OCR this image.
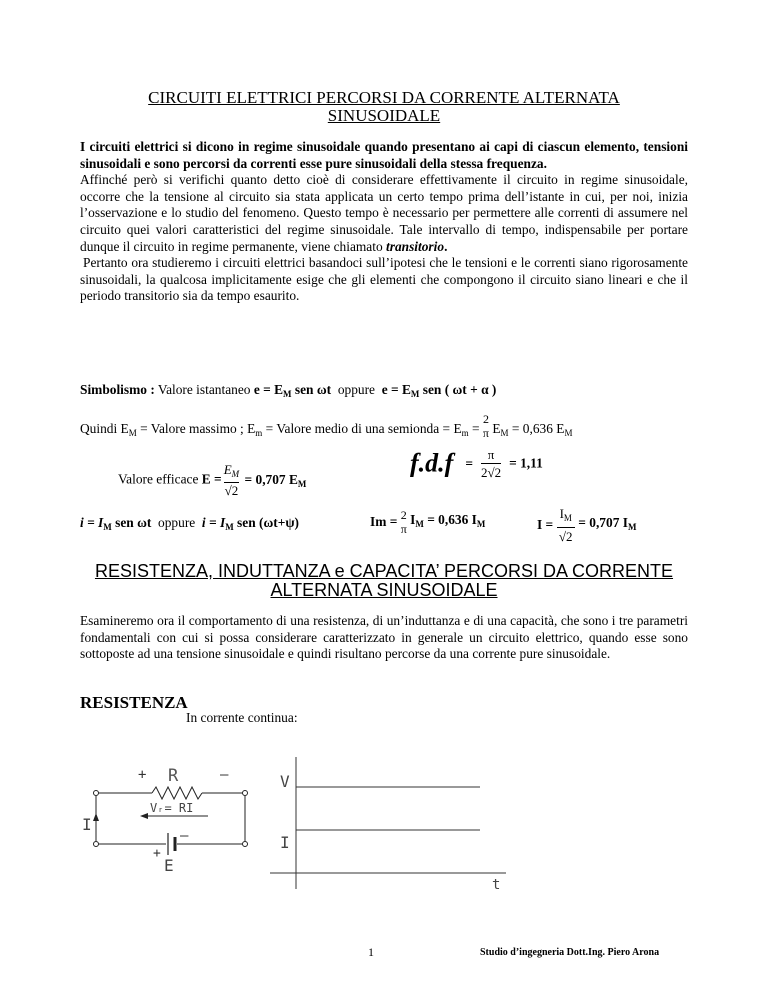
CIRCUITI ELETTRICI PERCORSI DA CORRENTE ALTERNATA
SINUSOIDALE

I circuiti elettrici si dicono in regime sinusoidale quando presentano ai capi di ciascun elemento, tensioni sinusoidali e sono percorsi da correnti esse pure sinusoidali della stessa frequenza.

Affinché però si verifichi quanto detto cioè di considerare effettivamente il circuito in regime sinusoidale, occorre che la tensione al circuito sia stata applicata un certo tempo prima dell’istante in cui, per noi, inizia l’osservazione e lo studio del fenomeno. Questo tempo è necessario per permettere alle correnti di assumere nel circuito quei valori caratteristici del regime sinusoidale. Tale intervallo di tempo, indispensabile per portare dunque il circuito in regime permanente, viene chiamato transitorio.

Pertanto ora studieremo i circuiti elettrici basandoci sull’ipotesi che le tensioni e le correnti siano rigorosamente sinusoidali, la qualcosa implicitamente esige che gli elementi che compongono il circuito siano lineari e che il periodo transitorio sia da tempo esaurito.

Simbolismo : Valore istantaneo $e = E_M$ sen ωt oppure $e = E_M$ sen ( ωt + α )
Quindi $E_M$ = Valore massimo ; $E_m$ = Valore medio di una semionda = $E_m$ =
2
π $E_M = 0,636$ $E_M$
Valore efficace $E = \frac{E_M}{√2} = 0,707$ $E_M$
$f.d.f = \frac{\pi}{2√2} = 1,11$
$i = I_M$ sen ωt oppure $i = I_M$ sen (ωt+ψ)	Im = 2
π
$I_M = 0,636$ $I_M$	$I = \frac{I_M}{√2} = 0,707$ $I_M$
RESISTENZA, INDUTTANZA e CAPACITA’ PERCORSI DA CORRENTE
ALTERNATA SINUSOIDALE
Esamineremo ora il comportamento di una resistenza, di un’induttanza e di una capacità, che sono i tre parametri fondamentali con cui si possa considerare caratterizzato in generale un circuito elettrico, quando esse sono sottoposte ad una tensione sinusoidale e quindi risultano percorse da una corrente pure sinusoidale.
RESISTENZA
In corrente continua:
+ R	–
Vᵣ= RI
I
+
–
E
V
I
t
1	Studio d’ingegneria Dott.Ing. Piero Arona
